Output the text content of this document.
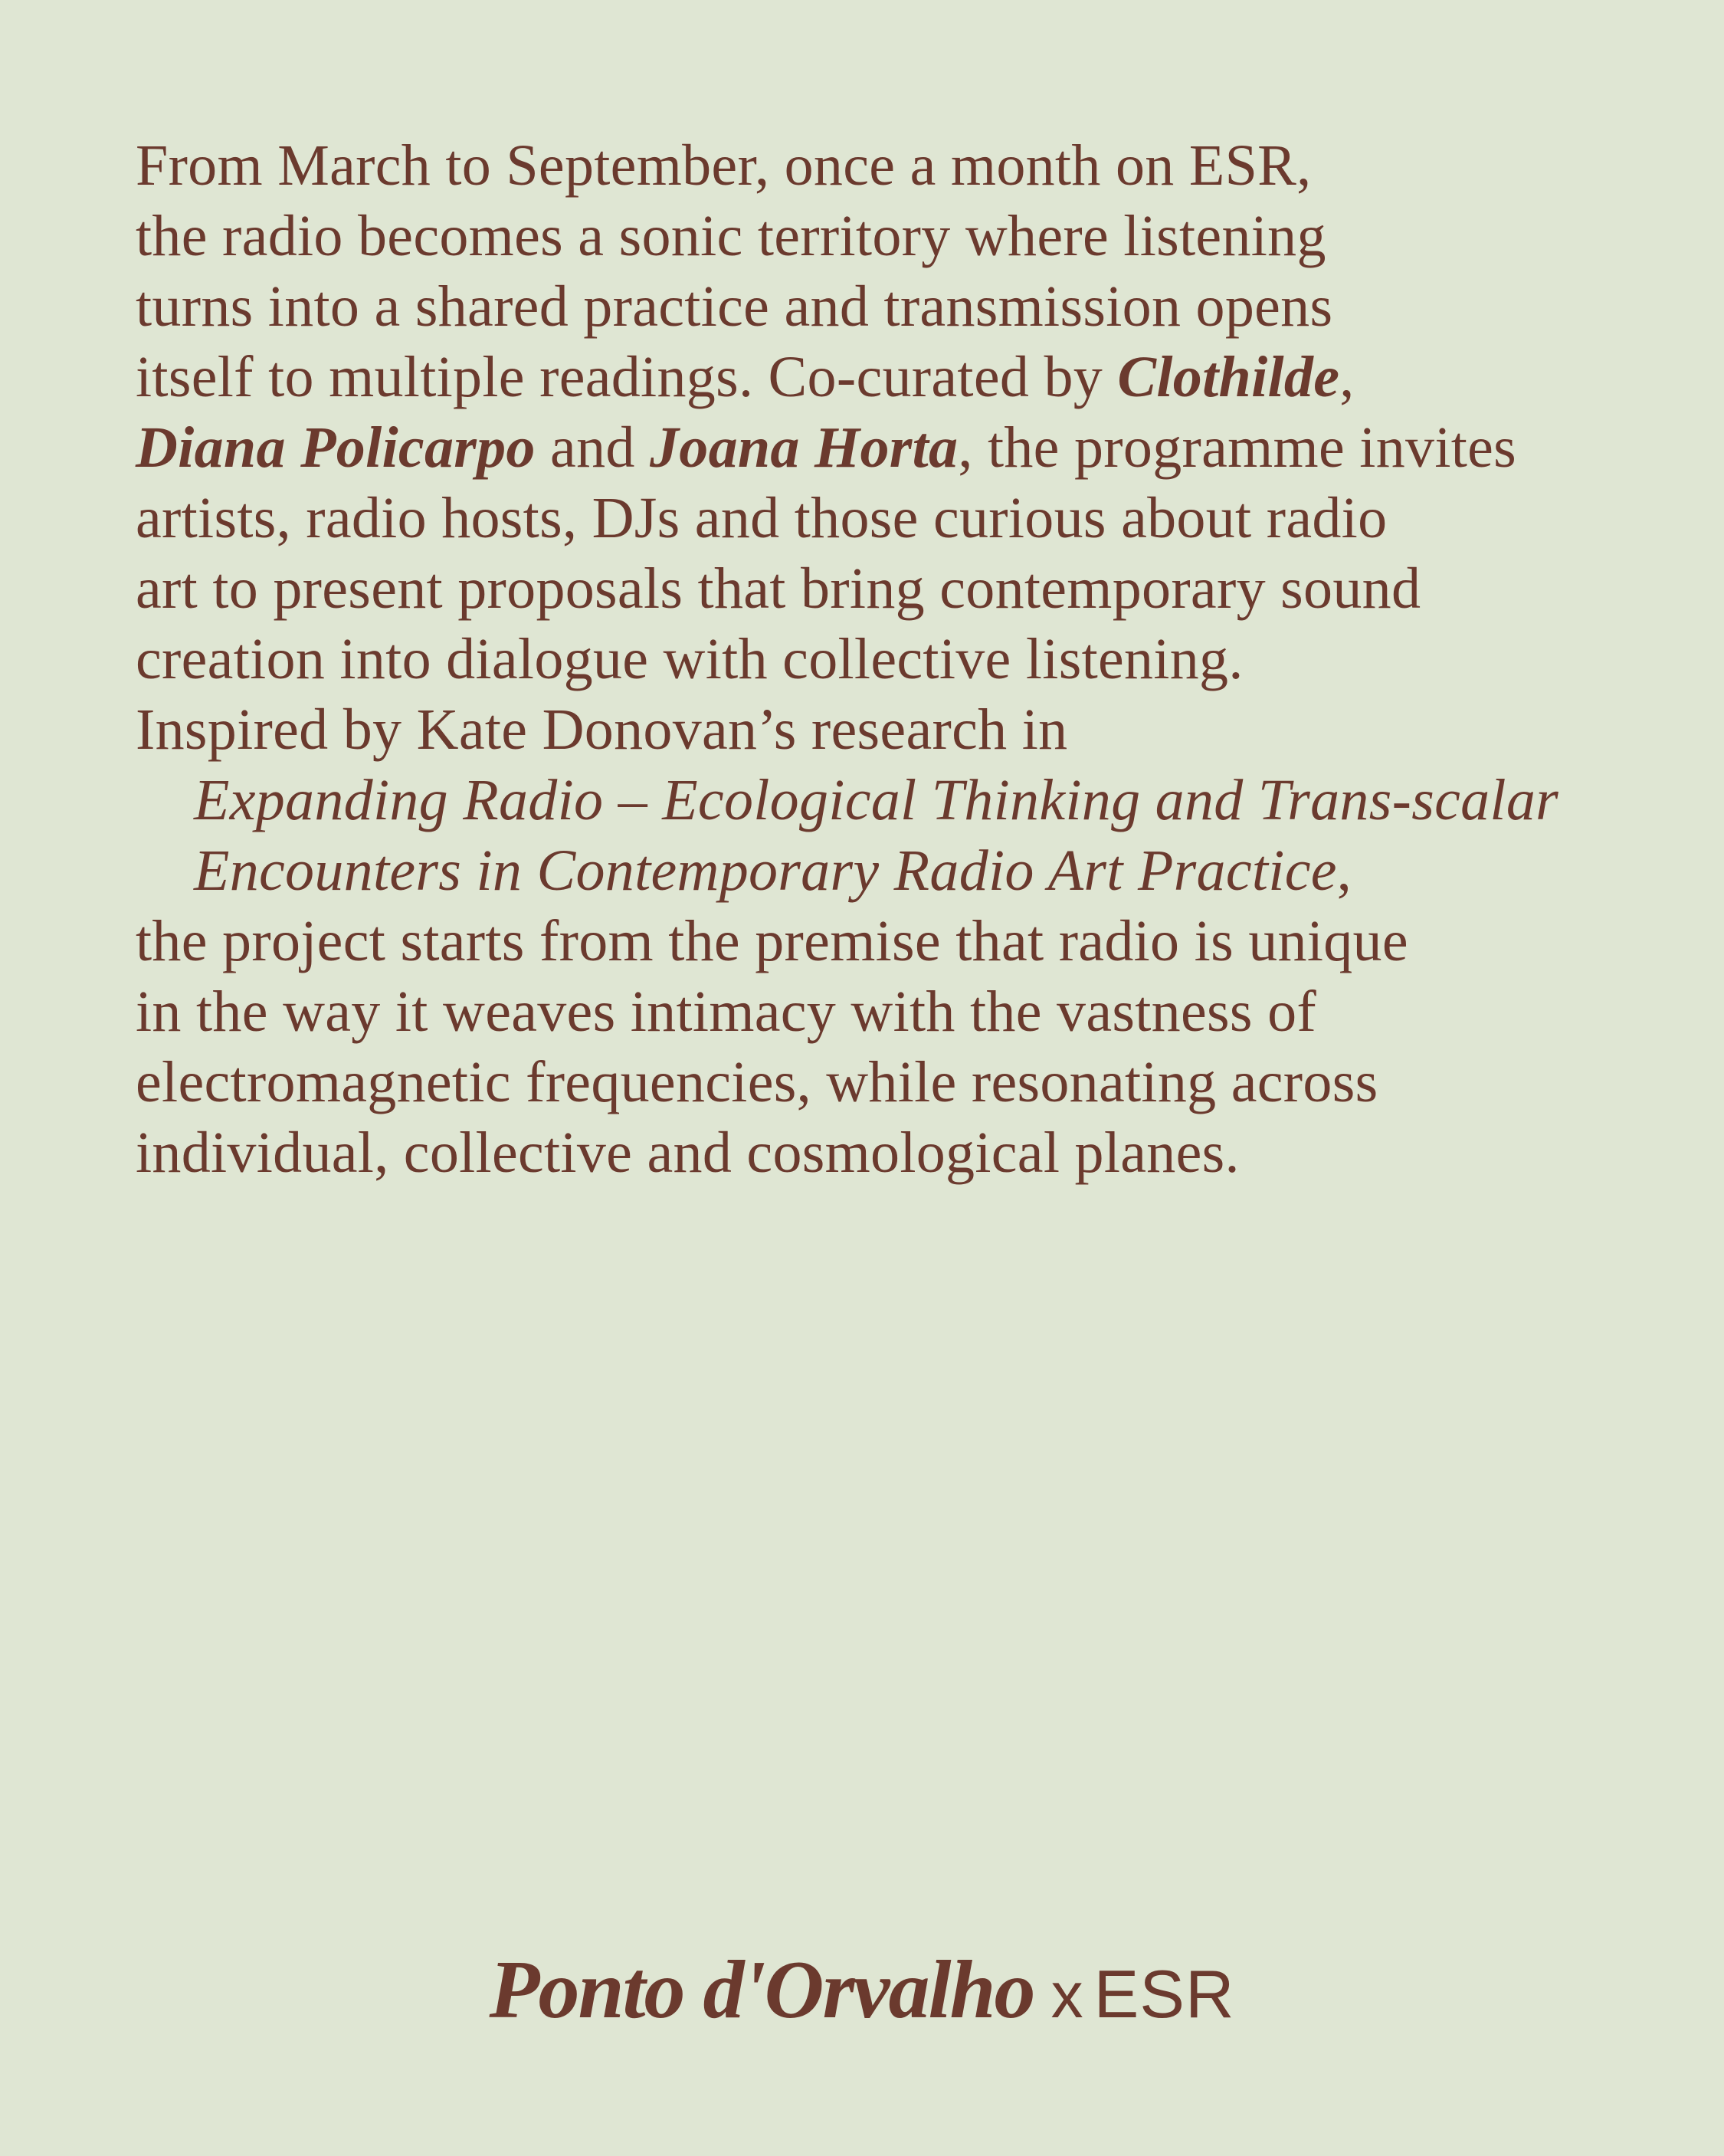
From March to September, once a month on ESR,
the radio becomes a sonic territory where listening
turns into a shared practice and transmission opens
itself to multiple readings. Co-curated by Clothilde,
Diana Policarpo and Joana Horta, the programme invites
artists, radio hosts, DJs and those curious about radio
art to present proposals that bring contemporary sound
creation into dialogue with collective listening.
Inspired by Kate Donovan’s research in
Expanding Radio – Ecological Thinking and Trans-scalar
Encounters in Contemporary Radio Art Practice,
the project starts from the premise that radio is unique
in the way it weaves intimacy with the vastness of
electromagnetic frequencies, while resonating across
individual, collective and cosmological planes.
Ponto d'Orvalho x ESR
